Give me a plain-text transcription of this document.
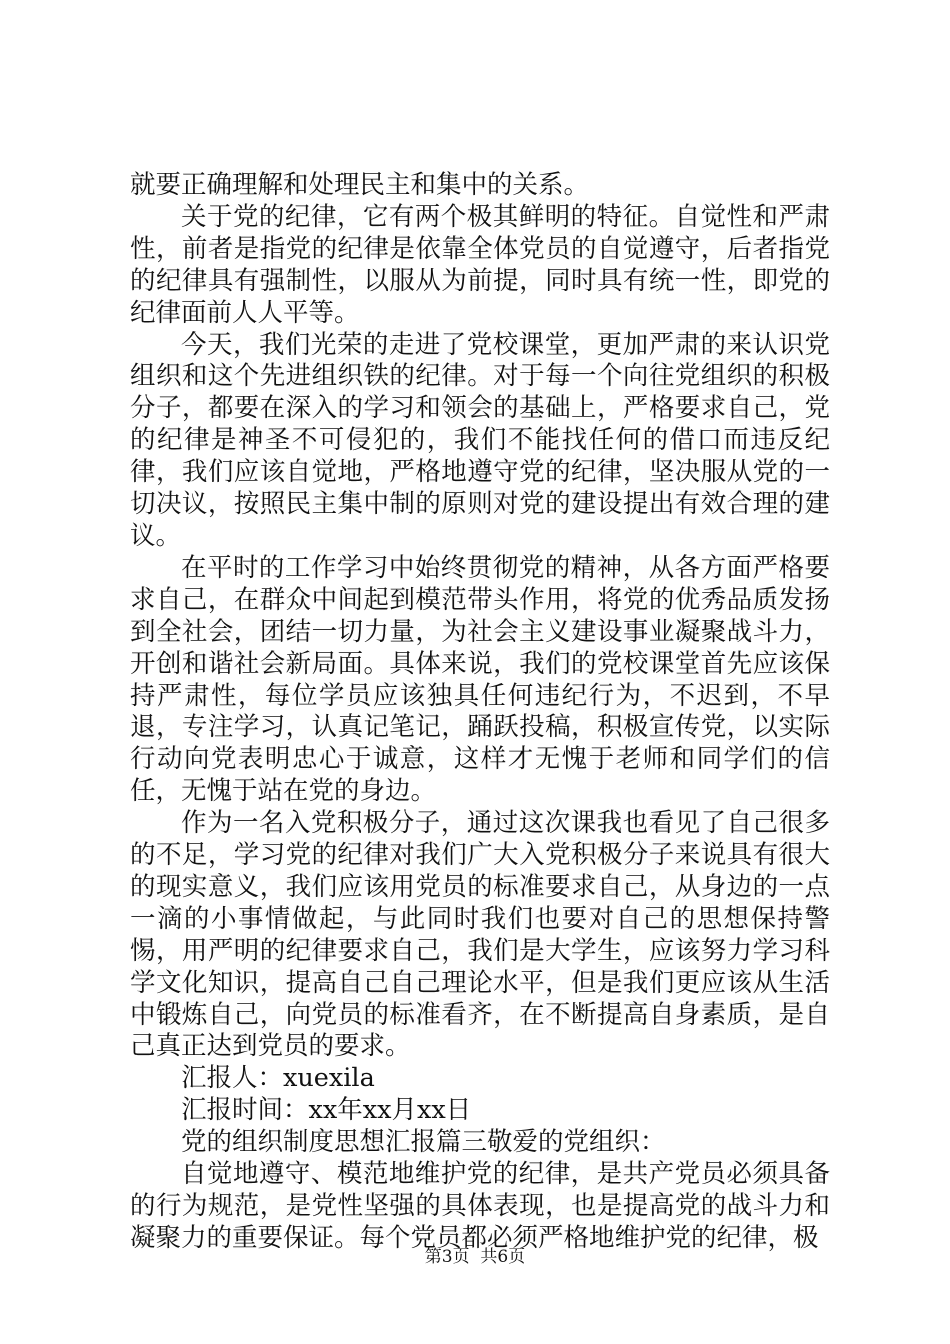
就要正确理解和处理民主和集中的关系。

关于党的纪律，它有两个极其鲜明的特征。自觉性和严肃性，前者是指党的纪律是依靠全体党员的自觉遵守，后者指党的纪律具有强制性，以服从为前提，同时具有统一性，即党的纪律面前人人平等。

今天，我们光荣的走进了党校课堂，更加严肃的来认识党组织和这个先进组织铁的纪律。对于每一个向往党组织的积极分子，都要在深入的学习和领会的基础上，严格要求自己，党的纪律是神圣不可侵犯的，我们不能找任何的借口而违反纪律，我们应该自觉地，严格地遵守党的纪律，坚决服从党的一切决议，按照民主集中制的原则对党的建设提出有效合理的建议。

在平时的工作学习中始终贯彻党的精神，从各方面严格要求自己，在群众中间起到模范带头作用，将党的优秀品质发扬到全社会，团结一切力量，为社会主义建设事业凝聚战斗力，开创和谐社会新局面。具体来说，我们的党校课堂首先应该保持严肃性，每位学员应该独具任何违纪行为，不迟到，不早退，专注学习，认真记笔记，踊跃投稿，积极宣传党，以实际行动向党表明忠心于诚意，这样才无愧于老师和同学们的信任，无愧于站在党的身边。

作为一名入党积极分子，通过这次课我也看见了自己很多的不足，学习党的纪律对我们广大入党积极分子来说具有很大的现实意义，我们应该用党员的标准要求自己，从身边的一点一滴的小事情做起，与此同时我们也要对自己的思想保持警惕，用严明的纪律要求自己，我们是大学生，应该努力学习科学文化知识，提高自己自己理论水平，但是我们更应该从生活中锻炼自己，向党员的标准看齐，在不断提高自身素质，是自己真正达到党员的要求。

汇报人：xuexila

汇报时间：xx年xx月xx日

党的组织制度思想汇报篇三敬爱的党组织：

自觉地遵守、模范地维护党的纪律，是共产党员必须具备的行为规范，是党性坚强的具体表现，也是提高党的战斗力和凝聚力的重要保证。每个党员都必须严格地维护党的纪律，极

第3页  共6页
